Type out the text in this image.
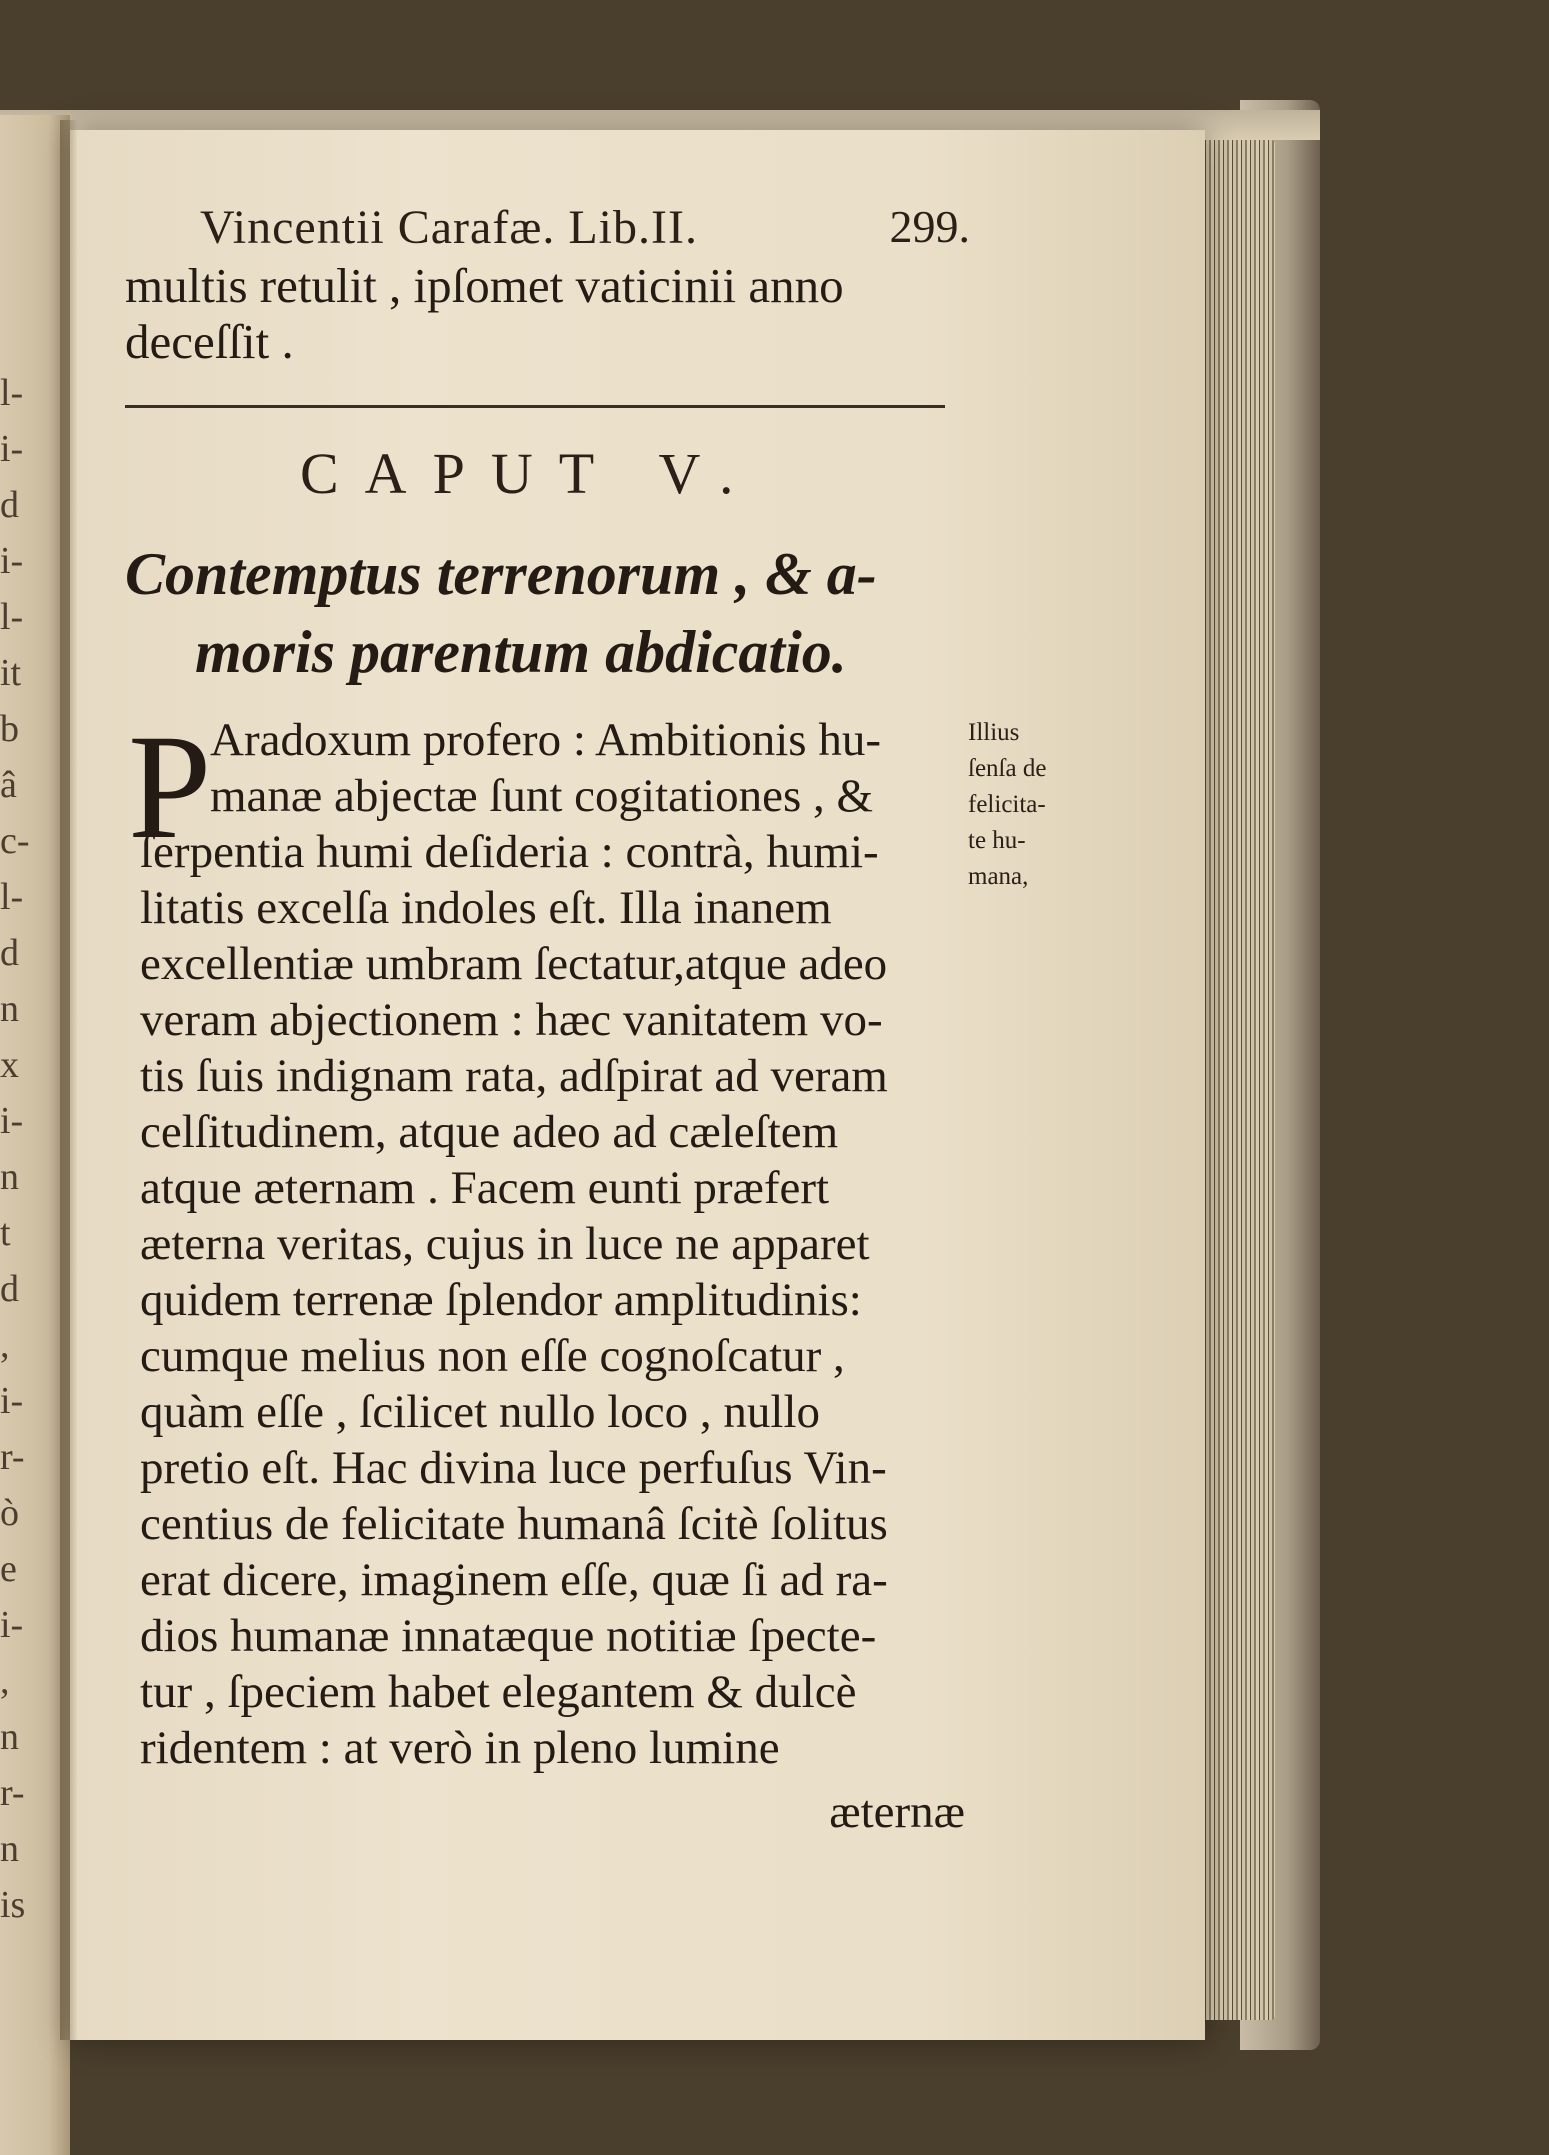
l-
i-
d
i-
l-
it
b
â
c-
l-
d
n
x
i-
n
t
d
,
i-
r-
ò
e
i-
,
n
r-
n
is
Vincentii Carafæ. Lib.II.	299.
multis retulit , ipſomet vaticinii anno
deceſſit .
CAPUT V.
Contemptus terrenorum , & a-
moris parentum abdicatio.
P
Aradoxum profero : Ambitionis hu-
manæ abjectæ ſunt cogitationes , &
ſerpentia humi deſideria : contrà, humi-
litatis excelſa indoles eſt. Illa inanem
excellentiæ umbram ſectatur,atque adeo
veram abjectionem : hæc vanitatem vo-
tis ſuis indignam rata, adſpirat ad veram
celſitudinem, atque adeo ad cæleſtem
atque æternam . Facem eunti præfert
æterna veritas, cujus in luce ne apparet
quidem terrenæ ſplendor amplitudinis:
cumque melius non eſſe cognoſcatur ,
quàm eſſe , ſcilicet nullo loco , nullo
pretio eſt. Hac divina luce perfuſus Vin-
centius de felicitate humanâ ſcitè ſolitus
erat dicere, imaginem eſſe, quæ ſi ad ra-
dios humanæ innatæque notitiæ ſpecte-
tur , ſpeciem habet elegantem & dulcè
ridentem : at verò in pleno lumine
Illius
ſenſa de
felicita-
te hu-
mana,
æternæ
